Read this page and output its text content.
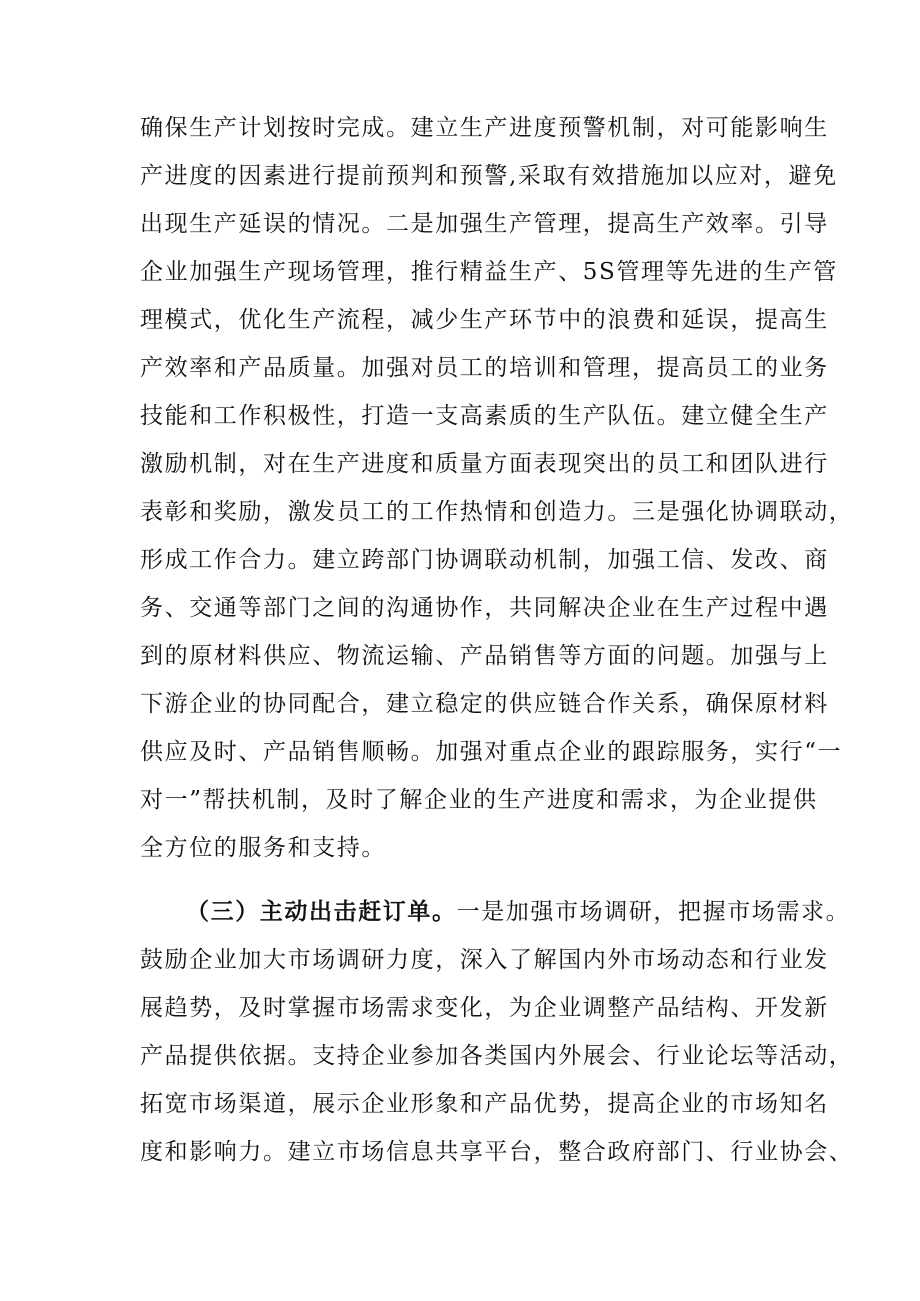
确保生产计划按时完成。建立生产进度预警机制，对可能影响生
产进度的因素进行提前预判和预警,采取有效措施加以应对，避免
出现生产延误的情况。二是加强生产管理，提高生产效率。引导
企业加强生产现场管理，推行精益生产、5S管理等先进的生产管
理模式，优化生产流程，减少生产环节中的浪费和延误，提高生
产效率和产品质量。加强对员工的培训和管理，提高员工的业务
技能和工作积极性，打造一支高素质的生产队伍。建立健全生产
激励机制，对在生产进度和质量方面表现突出的员工和团队进行
表彰和奖励，激发员工的工作热情和创造力。三是强化协调联动，
形成工作合力。建立跨部门协调联动机制，加强工信、发改、商
务、交通等部门之间的沟通协作，共同解决企业在生产过程中遇
到的原材料供应、物流运输、产品销售等方面的问题。加强与上
下游企业的协同配合，建立稳定的供应链合作关系，确保原材料
供应及时、产品销售顺畅。加强对重点企业的跟踪服务，实行“一
对一”帮扶机制，及时了解企业的生产进度和需求，为企业提供
全方位的服务和支持。
（三）主动出击赶订单。一是加强市场调研，把握市场需求。
鼓励企业加大市场调研力度，深入了解国内外市场动态和行业发
展趋势，及时掌握市场需求变化，为企业调整产品结构、开发新
产品提供依据。支持企业参加各类国内外展会、行业论坛等活动，
拓宽市场渠道，展示企业形象和产品优势，提高企业的市场知名
度和影响力。建立市场信息共享平台，整合政府部门、行业协会、
